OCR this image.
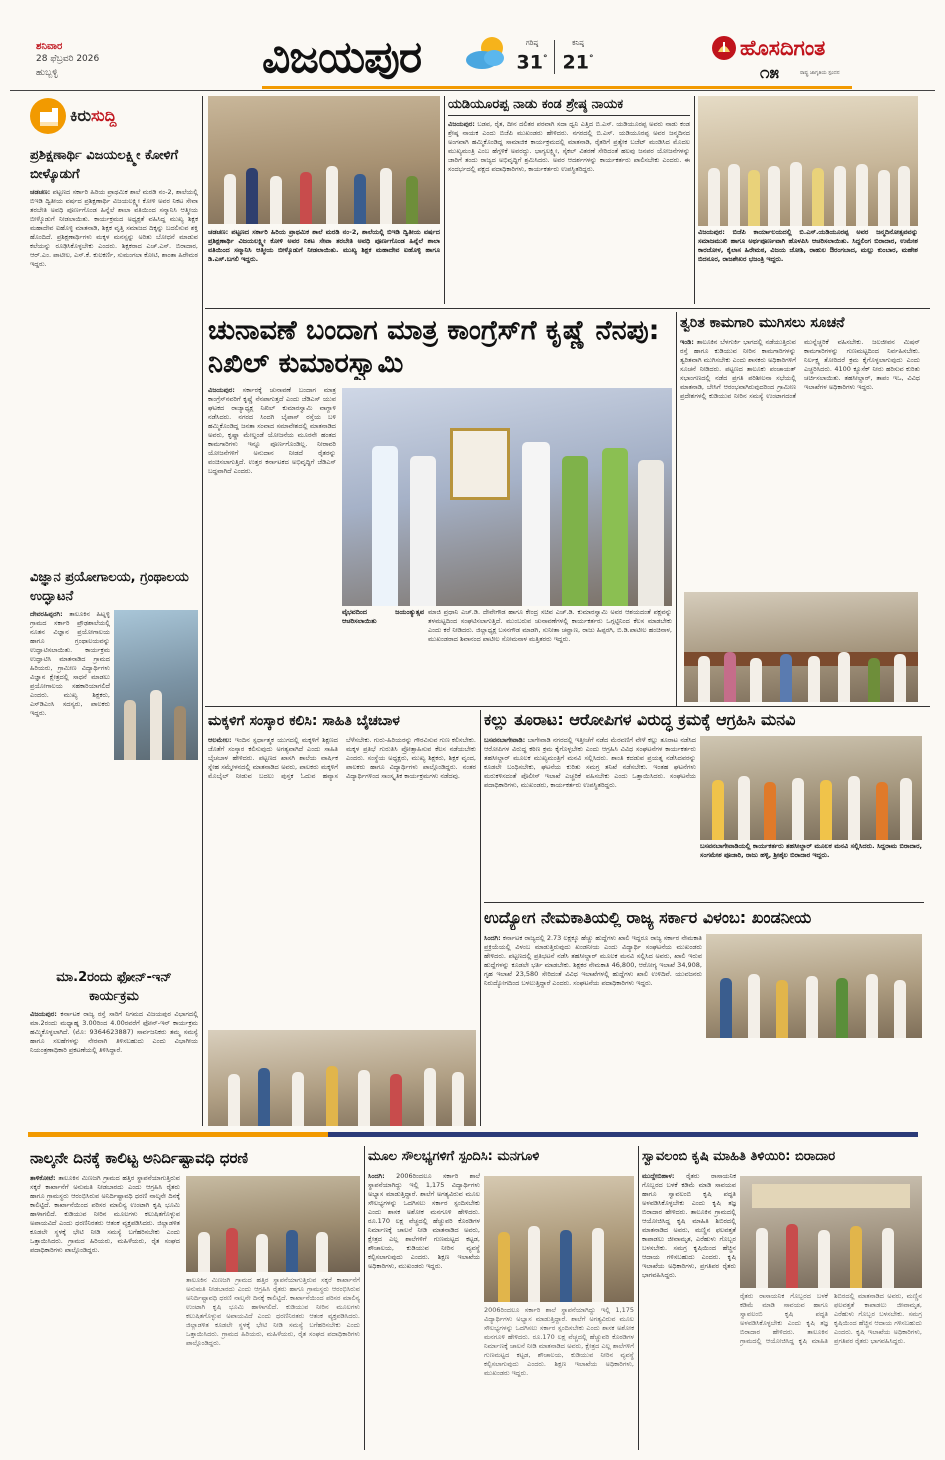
ಶನಿವಾರ
28 ಫೆಬ್ರವರಿ 2026
ಹುಬ್ಬಳ್ಳಿ	ವಿಜಯಪುರ	ಗರಿಷ್ಠ
31°
ಕನಿಷ್ಠ
21°	ಹೊಸದಿಗಂತ
೧೫	ರಾಷ್ಟ್ರ ಜಾಗೃತಿಯ ಸ್ಪಂದನ
ಕಿರುಸುದ್ದಿ
ಪ್ರಶಿಕ್ಷಣಾರ್ಥಿ ವಿಜಯಲಕ್ಷ್ಮೀ ಕೋಳಿಗೆ ಬೀಳ್ಕೊಡುಗೆ
ಚಡಚಣ: ಪಟ್ಟಣದ ಸರ್ಕಾರಿ ಹಿರಿಯ ಪ್ರಾಥಮಿಕ ಶಾಲೆ ಮರಡಿ ನಂ-2, ಶಾಲೆಯಲ್ಲಿ ಬಿಇಡಿ ದ್ವಿತೀಯ ವರ್ಷದ ಪ್ರಶಿಕ್ಷಣಾರ್ಥಿ ವಿಜಯಲಕ್ಷ್ಮೀ ಕೋಳಿ ಅವರ ನಿಕಟ ಸೇವಾ ತರಬೇತಿ ಅವಧಿ ಪೂರ್ಣಗೊಂಡ ಹಿನ್ನೆಲೆ ಶಾಲಾ ವತಿಯಿಂದ ಸನ್ಮಾನಿಸಿ ಆತ್ಮೀಯ ಬೀಳ್ಕೊಡುಗೆ ನೀಡಲಾಯಿತು. ಕಾರ್ಯಕ್ರಮದ ಅಧ್ಯಕ್ಷತೆ ವಹಿಸಿದ್ದ ಮುಖ್ಯ ಶಿಕ್ಷಕ ಮಹಾದೇವ ಐಹೊಳ್ಳಿ ಮಾತನಾಡಿ, ಶಿಕ್ಷಕ ವೃತ್ತಿ ಸಮಾಜದ ದಿಕ್ಕನ್ನು ಬದಲಿಸುವ ಶಕ್ತಿ ಹೊಂದಿದೆ. ಪ್ರಶಿಕ್ಷಣಾರ್ಥಿಗಳು ಮಕ್ಕಳ ಮನಸ್ಸನ್ನು ಅರಿತು ಬೋಧನೆ ಮಾಡುವ ಕಲೆಯನ್ನು ರೂಢಿಸಿಕೊಳ್ಳಬೇಕು ಎಂದರು. ಶಿಕ್ಷಕರಾದ ಎಚ್.ಎಸ್. ಬಿರಾದಾರ, ಆರ್.ಎಂ. ಪಾಟೀಲ, ಎಸ್.ಕೆ. ಕುಲಕರ್ಣಿ, ಸುಮಂಗಲಾ ಕೋಟಿ, ಶಾಂತಾ ಹಿರೇಮಠ ಇದ್ದರು.
ವಿಜ್ಞಾನ ಪ್ರಯೋಗಾಲಯ, ಗ್ರಂಥಾಲಯ ಉದ್ಘಾಟನೆ
ದೇವರಹಿಪ್ಪರಗಿ: ತಾಲೂಕಿನ ಹಿಟ್ನಳ್ಳಿ ಗ್ರಾಮದ ಸರ್ಕಾರಿ ಪ್ರೌಢಶಾಲೆಯಲ್ಲಿ ನೂತನ ವಿಜ್ಞಾನ ಪ್ರಯೋಗಾಲಯ ಹಾಗೂ ಗ್ರಂಥಾಲಯವನ್ನು ಉದ್ಘಾಟಿಸಲಾಯಿತು. ಕಾರ್ಯಕ್ರಮ ಉದ್ಘಾಟಿಸಿ ಮಾತನಾಡಿದ ಗ್ರಾಮದ ಹಿರಿಯರು, ಗ್ರಾಮೀಣ ವಿದ್ಯಾರ್ಥಿಗಳು ವಿಜ್ಞಾನ ಕ್ಷೇತ್ರದಲ್ಲಿ ಸಾಧನೆ ಮಾಡಲು ಪ್ರಯೋಗಾಲಯ ಸಹಕಾರಿಯಾಗಲಿದೆ ಎಂದರು. ಮುಖ್ಯ ಶಿಕ್ಷಕರು, ಎಸ್‌ಡಿಎಂಸಿ ಸದಸ್ಯರು, ಪಾಲಕರು ಇದ್ದರು.
ಮಾ.2ರಂದು ಫೋನ್-ಇನ್ ಕಾರ್ಯಕ್ರಮ
ವಿಜಯಪುರ: ಕರ್ನಾಟಕ ರಾಜ್ಯ ರಸ್ತೆ ಸಾರಿಗೆ ನಿಗಮದ ವಿಜಯಪುರ ವಿಭಾಗದಲ್ಲಿ ಮಾ.2ರಂದು ಮಧ್ಯಾಹ್ನ 3.00ರಿಂದ 4.00ರವರೆಗೆ ಫೋನ್-ಇನ್ ಕಾರ್ಯಕ್ರಮ ಹಮ್ಮಿಕೊಳ್ಳಲಾಗಿದೆ. (ಮೊ: 9364623887) ಸಾರ್ವಜನಿಕರು ತಮ್ಮ ಸಮಸ್ಯೆ ಹಾಗೂ ಸಲಹೆಗಳನ್ನು ನೇರವಾಗಿ ತಿಳಿಸಬಹುದು ಎಂದು ವಿಭಾಗೀಯ ನಿಯಂತ್ರಣಾಧಿಕಾರಿ ಪ್ರಕಟಣೆಯಲ್ಲಿ ತಿಳಿಸಿದ್ದಾರೆ.
ಚಡಚಣ: ಪಟ್ಟಣದ ಸರ್ಕಾರಿ ಹಿರಿಯ ಪ್ರಾಥಮಿಕ ಶಾಲೆ ಮರಡಿ ನಂ-2, ಶಾಲೆಯಲ್ಲಿ ಬಿಇಡಿ ದ್ವಿತೀಯ ವರ್ಷದ ಪ್ರಶಿಕ್ಷಣಾರ್ಥಿ ವಿಜಯಲಕ್ಷ್ಮೀ ಕೋಳಿ ಅವರ ನಿಕಟ ಸೇವಾ ತರಬೇತಿ ಅವಧಿ ಪೂರ್ಣಗೊಂಡ ಹಿನ್ನೆಲೆ ಶಾಲಾ ವತಿಯಿಂದ ಸನ್ಮಾನಿಸಿ ಆತ್ಮೀಯ ಬೀಳ್ಕೊಡುಗೆ ನೀಡಲಾಯಿತು. ಮುಖ್ಯ ಶಿಕ್ಷಕ ಮಹಾದೇವ ಐಹೊಳ್ಳಿ ಹಾಗೂ ಡಿ.ಎಸ್.ಬಗಲಿ ಇದ್ದರು.
ಯಡಿಯೂರಪ್ಪ ನಾಡು ಕಂಡ ಶ್ರೇಷ್ಠ ನಾಯಕ
ವಿಜಯಪುರ: ಬಡವ, ರೈತ, ದೀನ ದಲಿತರ ಪರವಾಗಿ ಸದಾ ಧ್ವನಿ ಎತ್ತಿದ ಬಿ.ಎಸ್. ಯಡಿಯೂರಪ್ಪ ಅವರು ನಾಡು ಕಂಡ ಶ್ರೇಷ್ಠ ನಾಯಕ ಎಂದು ಬಿಜೆಪಿ ಮುಖಂಡರು ಹೇಳಿದರು. ನಗರದಲ್ಲಿ ಬಿ.ಎಸ್. ಯಡಿಯೂರಪ್ಪ ಅವರ ಜನ್ಮದಿನದ ಅಂಗವಾಗಿ ಹಮ್ಮಿಕೊಂಡಿದ್ದ ಸಾಮಾಜಿಕ ಕಾರ್ಯಕ್ರಮದಲ್ಲಿ ಮಾತನಾಡಿ, ರೈತರಿಗೆ ಪ್ರತ್ಯೇಕ ಬಜೆಟ್ ಮಂಡಿಸಿದ ಮೊದಲ ಮುಖ್ಯಮಂತ್ರಿ ಎಂಬ ಹೆಗ್ಗಳಿಕೆ ಅವರದ್ದು. ಭಾಗ್ಯಲಕ್ಷ್ಮೀ, ಸೈಕಲ್ ವಿತರಣೆ ಸೇರಿದಂತೆ ಹಲವು ಜನಪರ ಯೋಜನೆಗಳನ್ನು ಜಾರಿಗೆ ತಂದು ರಾಜ್ಯದ ಅಭಿವೃದ್ಧಿಗೆ ಶ್ರಮಿಸಿದರು. ಅವರ ಆದರ್ಶಗಳನ್ನು ಕಾರ್ಯಕರ್ತರು ಪಾಲಿಸಬೇಕು ಎಂದರು. ಈ ಸಂದರ್ಭದಲ್ಲಿ ಪಕ್ಷದ ಪದಾಧಿಕಾರಿಗಳು, ಕಾರ್ಯಕರ್ತರು ಉಪಸ್ಥಿತರಿದ್ದರು.
ವಿಜಯಪುರ: ಬಿಜೆಪಿ ಕಾರ್ಯಾಲಯದಲ್ಲಿ ಬಿ.ಎಸ್.ಯಡಿಯೂರಪ್ಪ ಅವರ ಜನ್ಮದಿನೋತ್ಸವವನ್ನು ಸಮಾಜಮುಖಿ ಹಾಗೂ ಅರ್ಥಪೂರ್ಣವಾಗಿ ಹೊಳಪಿಸಿ ಆಚರಿಸಲಾಯಿತು. ಸಿದ್ದಲಿಂಗ ಬಿರಾದಾರ, ಉಮೇಶ ಕಾರಜೋಳ, ಕೈಲಾಸ ಹಿರೇಮಠ, ವಿಜಯ ಜೋಶಿ, ರಾಹುಲ ಔರಂಗಬಾದ, ಮಲ್ಲು ಕುಂಬಾರ, ಮಹೇಶ ಬಿದನೂರ, ರಾಜಶೇಖರ ಭಜಂತ್ರಿ ಇದ್ದರು.
ಚುನಾವಣೆ ಬಂದಾಗ ಮಾತ್ರ ಕಾಂಗ್ರೆಸ್‌ಗೆ ಕೃಷ್ಣೆ ನೆನಪು: ನಿಖಿಲ್ ಕುಮಾರಸ್ವಾಮಿ
ವಿಜಯಪುರ: ಸರ್ಕಾರಕ್ಕೆ ಚುನಾವಣೆ ಬಂದಾಗ ಮಾತ್ರ ಕಾಂಗ್ರೆಸ್‌ನವರಿಗೆ ಕೃಷ್ಣೆ ನೆನಪಾಗುತ್ತದೆ ಎಂದು ಜೆಡಿಎಸ್ ಯುವ ಘಟಕದ ರಾಜ್ಯಾಧ್ಯಕ್ಷ ನಿಖಿಲ್ ಕುಮಾರಸ್ವಾಮಿ ವಾಗ್ದಾಳಿ ನಡೆಸಿದರು. ನಗರದ ಸಿಂದಗಿ ಬೈಪಾಸ್ ರಸ್ತೆಯ ಬಳಿ ಹಮ್ಮಿಕೊಂಡಿದ್ದ ಜನತಾ ಸಂವಾದ ಸಮಾವೇಶದಲ್ಲಿ ಮಾತನಾಡಿದ ಅವರು, ಕೃಷ್ಣಾ ಮೇಲ್ದಂಡೆ ಯೋಜನೆಯ ಮೂರನೇ ಹಂತದ ಕಾಮಗಾರಿಗಳು ಇನ್ನೂ ಪೂರ್ಣಗೊಂಡಿಲ್ಲ. ನೀರಾವರಿ ಯೋಜನೆಗಳಿಗೆ ಅನುದಾನ ನೀಡದೆ ರೈತರನ್ನು ವಂಚಿಸಲಾಗುತ್ತಿದೆ. ಉತ್ತರ ಕರ್ನಾಟಕದ ಅಭಿವೃದ್ಧಿಗೆ ಜೆಡಿಎಸ್ ಬದ್ಧವಾಗಿದೆ ಎಂದರು.
ವೈಭವದಿಂದ ಜಯಂತ್ಯುತ್ಸವ ಆಚರಿಸಲಾಯಿತು
ಮಾಜಿ ಪ್ರಧಾನಿ ಎಚ್.ಡಿ. ದೇವೇಗೌಡ ಹಾಗೂ ಕೇಂದ್ರ ಸಚಿವ ಎಚ್.ಡಿ. ಕುಮಾರಸ್ವಾಮಿ ಅವರ ಆಶಯದಂತೆ ಪಕ್ಷವನ್ನು ತಳಮಟ್ಟದಿಂದ ಸಂಘಟಿಸಲಾಗುತ್ತಿದೆ. ಮುಂಬರುವ ಚುನಾವಣೆಗಳಲ್ಲಿ ಕಾರ್ಯಕರ್ತರು ಒಗ್ಗಟ್ಟಿನಿಂದ ಕೆಲಸ ಮಾಡಬೇಕು ಎಂದು ಕರೆ ನೀಡಿದರು. ಜಿಲ್ಲಾಧ್ಯಕ್ಷ ಬಸನಗೌಡ ಮಾಡಗಿ, ಸುನೀತಾ ಚವ್ಹಾಣ, ರಾಜು ಹಿಪ್ಪರಗಿ, ಬಿ.ಡಿ.ಪಾಟೀಲ ಹಂಚಿನಾಳ, ಮುಖಂಡರಾದ ಶಿವಾನಂದ ಪಾಟೀಲ ಸೋಮನಾಳ ಮತ್ತಿತರರು ಇದ್ದರು.
ತ್ವರಿತ ಕಾಮಗಾರಿ ಮುಗಿಸಲು ಸೂಚನೆ
ಇಂಡಿ: ತಾಲೂಕಿನ ಬೆಳಗುರ್ಕಿ ಭಾಗದಲ್ಲಿ ನಡೆಯುತ್ತಿರುವ ರಸ್ತೆ ಹಾಗೂ ಕುಡಿಯುವ ನೀರಿನ ಕಾಮಗಾರಿಗಳನ್ನು ತ್ವರಿತವಾಗಿ ಮುಗಿಸಬೇಕು ಎಂದು ಶಾಸಕರು ಅಧಿಕಾರಿಗಳಿಗೆ ಸೂಚನೆ ನೀಡಿದರು. ಪಟ್ಟಣದ ತಾಲೂಕು ಪಂಚಾಯತ್ ಸಭಾಂಗಣದಲ್ಲಿ ನಡೆದ ಪ್ರಗತಿ ಪರಿಶೀಲನಾ ಸಭೆಯಲ್ಲಿ ಮಾತನಾಡಿ, ಬೇಸಿಗೆ ಆರಂಭವಾಗಿರುವುದರಿಂದ ಗ್ರಾಮೀಣ ಪ್ರದೇಶಗಳಲ್ಲಿ ಕುಡಿಯುವ ನೀರಿನ ಸಮಸ್ಯೆ ಉಂಟಾಗದಂತೆ ಮುನ್ನೆಚ್ಚರಿಕೆ ವಹಿಸಬೇಕು. ಜಲಜೀವನ ಮಿಷನ್ ಕಾಮಗಾರಿಗಳನ್ನು ಗುಣಮಟ್ಟದಿಂದ ನಿರ್ವಹಿಸಬೇಕು. ನಿರ್ಲಕ್ಷ್ಯ ತೋರಿದರೆ ಕ್ರಮ ಕೈಗೊಳ್ಳಲಾಗುವುದು ಎಂದು ಎಚ್ಚರಿಸಿದರು. 4100 ಕ್ಯೂಸೆಕ್ ನೀರು ಹರಿಸುವ ಕುರಿತು ಚರ್ಚಿಸಲಾಯಿತು. ತಹಸೀಲ್ದಾರ್, ತಾಪಂ ಇಒ, ವಿವಿಧ ಇಲಾಖೆಗಳ ಅಧಿಕಾರಿಗಳು ಇದ್ದರು.
ಮಕ್ಕಳಿಗೆ ಸಂಸ್ಕಾರ ಕಲಿಸಿ: ಸಾಹಿತಿ ಬೈಚಬಾಳ
ಆಲಮೇಲ: ಇಂದಿನ ಸ್ಪರ್ಧಾತ್ಮಕ ಯುಗದಲ್ಲಿ ಮಕ್ಕಳಿಗೆ ಶಿಕ್ಷಣದ ಜೊತೆಗೆ ಸಂಸ್ಕಾರ ಕಲಿಸುವುದು ಅಗತ್ಯವಾಗಿದೆ ಎಂದು ಸಾಹಿತಿ ಬೈಚಬಾಳ ಹೇಳಿದರು. ಪಟ್ಟಣದ ಖಾಸಗಿ ಶಾಲೆಯ ವಾರ್ಷಿಕ ಸ್ನೇಹ ಸಮ್ಮೇಳನದಲ್ಲಿ ಮಾತನಾಡಿದ ಅವರು, ಪಾಲಕರು ಮಕ್ಕಳಿಗೆ ಮೊಬೈಲ್ ನೀಡುವ ಬದಲು ಪುಸ್ತಕ ಓದುವ ಹವ್ಯಾಸ ಬೆಳೆಸಬೇಕು. ಗುರು-ಹಿರಿಯರನ್ನು ಗೌರವಿಸುವ ಗುಣ ಕಲಿಸಬೇಕು. ಮಕ್ಕಳ ಪ್ರತಿಭೆ ಗುರುತಿಸಿ ಪ್ರೋತ್ಸಾಹಿಸುವ ಕೆಲಸ ನಡೆಯಬೇಕು ಎಂದರು. ಸಂಸ್ಥೆಯ ಅಧ್ಯಕ್ಷರು, ಮುಖ್ಯ ಶಿಕ್ಷಕರು, ಶಿಕ್ಷಕ ವೃಂದ, ಪಾಲಕರು ಹಾಗೂ ವಿದ್ಯಾರ್ಥಿಗಳು ಪಾಲ್ಗೊಂಡಿದ್ದರು. ನಂತರ ವಿದ್ಯಾರ್ಥಿಗಳಿಂದ ಸಾಂಸ್ಕೃತಿಕ ಕಾರ್ಯಕ್ರಮಗಳು ನಡೆದವು.
ಕಲ್ಲು ತೂರಾಟ: ಆರೋಪಿಗಳ ವಿರುದ್ಧ ಕ್ರಮಕ್ಕೆ ಆಗ್ರಹಿಸಿ ಮನವಿ
ಬಸವನಬಾಗೇವಾಡಿ: ಬಾಗೇವಾಡಿ ನಗರದಲ್ಲಿ ಇತ್ತೀಚೆಗೆ ನಡೆದ ಮೆರವಣಿಗೆ ವೇಳೆ ಕಲ್ಲು ತೂರಾಟ ನಡೆಸಿದ ಆರೋಪಿಗಳ ವಿರುದ್ಧ ಕಠಿಣ ಕ್ರಮ ಕೈಗೊಳ್ಳಬೇಕು ಎಂದು ಆಗ್ರಹಿಸಿ ವಿವಿಧ ಸಂಘಟನೆಗಳ ಕಾರ್ಯಕರ್ತರು ತಹಸೀಲ್ದಾರ್ ಮೂಲಕ ಮುಖ್ಯಮಂತ್ರಿಗೆ ಮನವಿ ಸಲ್ಲಿಸಿದರು. ಶಾಂತಿ ಕದಡುವ ಪ್ರಯತ್ನ ನಡೆಸಿದವರನ್ನು ಕೂಡಲೇ ಬಂಧಿಸಬೇಕು, ಘಟನೆಯ ಕುರಿತು ಸಮಗ್ರ ತನಿಖೆ ನಡೆಸಬೇಕು. ಇಂತಹ ಘಟನೆಗಳು ಮರುಕಳಿಸದಂತೆ ಪೊಲೀಸ್ ಇಲಾಖೆ ಎಚ್ಚರಿಕೆ ವಹಿಸಬೇಕು ಎಂದು ಒತ್ತಾಯಿಸಿದರು. ಸಂಘಟನೆಯ ಪದಾಧಿಕಾರಿಗಳು, ಮುಖಂಡರು, ಕಾರ್ಯಕರ್ತರು ಉಪಸ್ಥಿತರಿದ್ದರು.
ಬಸವನಬಾಗೇವಾಡಿಯಲ್ಲಿ ಕಾರ್ಯಕರ್ತರು ತಹಸೀಲ್ದಾರ್ ಮೂಲಕ ಮನವಿ ಸಲ್ಲಿಸಿದರು. ಸಿದ್ದರಾಮ ಬಿರಾದಾರ, ಸಂಗಮೇಶ ಪೂಜಾರಿ, ರಾಜು ಹಳ್ಳಿ, ಶ್ರೀಶೈಲ ಬಿರಾದಾರ ಇದ್ದರು.
ಉದ್ಯೋಗ ನೇಮಕಾತಿಯಲ್ಲಿ ರಾಜ್ಯ ಸರ್ಕಾರ ವಿಳಂಬ: ಖಂಡನೀಯ
ಸಿಂದಗಿ: ಕರ್ನಾಟಕ ರಾಜ್ಯದಲ್ಲಿ 2.73 ಲಕ್ಷಕ್ಕೂ ಹೆಚ್ಚು ಹುದ್ದೆಗಳು ಖಾಲಿ ಇದ್ದರೂ ರಾಜ್ಯ ಸರ್ಕಾರ ನೇಮಕಾತಿ ಪ್ರಕ್ರಿಯೆಯಲ್ಲಿ ವಿಳಂಬ ಮಾಡುತ್ತಿರುವುದು ಖಂಡನೀಯ ಎಂದು ವಿದ್ಯಾರ್ಥಿ ಸಂಘಟನೆಯ ಮುಖಂಡರು ಹೇಳಿದರು. ಪಟ್ಟಣದಲ್ಲಿ ಪ್ರತಿಭಟನೆ ನಡೆಸಿ ತಹಸೀಲ್ದಾರ್ ಮೂಲಕ ಮನವಿ ಸಲ್ಲಿಸಿದ ಅವರು, ಖಾಲಿ ಇರುವ ಹುದ್ದೆಗಳನ್ನು ಕೂಡಲೇ ಭರ್ತಿ ಮಾಡಬೇಕು. ಶಿಕ್ಷಕರ ನೇಮಕಾತಿ 46,800, ಆರೋಗ್ಯ ಇಲಾಖೆ 34,908, ಗೃಹ ಇಲಾಖೆ 23,580 ಸೇರಿದಂತೆ ವಿವಿಧ ಇಲಾಖೆಗಳಲ್ಲಿ ಹುದ್ದೆಗಳು ಖಾಲಿ ಉಳಿದಿವೆ. ಯುವಜನರು ನಿರುದ್ಯೋಗದಿಂದ ಬಳಲುತ್ತಿದ್ದಾರೆ ಎಂದರು. ಸಂಘಟನೆಯ ಪದಾಧಿಕಾರಿಗಳು ಇದ್ದರು.
ನಾಲ್ಕನೇ ದಿನಕ್ಕೆ ಕಾಲಿಟ್ಟ ಅನಿರ್ದಿಷ್ಟಾವಧಿ ಧರಣಿ
ತಾಳಿಕೋಟೆ: ತಾಲೂಕಿನ ಮಿಣಜಗಿ ಗ್ರಾಮದ ಹತ್ತಿರ ಸ್ಥಾಪನೆಯಾಗುತ್ತಿರುವ ಸಕ್ಕರೆ ಕಾರ್ಖಾನೆಗೆ ಅನುಮತಿ ನೀಡಬಾರದು ಎಂದು ಆಗ್ರಹಿಸಿ ರೈತರು ಹಾಗೂ ಗ್ರಾಮಸ್ಥರು ಆರಂಭಿಸಿರುವ ಅನಿರ್ದಿಷ್ಟಾವಧಿ ಧರಣಿ ನಾಲ್ಕನೇ ದಿನಕ್ಕೆ ಕಾಲಿಟ್ಟಿದೆ. ಕಾರ್ಖಾನೆಯಿಂದ ಪರಿಸರ ಮಾಲಿನ್ಯ ಉಂಟಾಗಿ ಕೃಷಿ ಭೂಮಿ ಹಾಳಾಗಲಿದೆ. ಕುಡಿಯುವ ನೀರಿನ ಮೂಲಗಳು ಕಲುಷಿತಗೊಳ್ಳುವ ಅಪಾಯವಿದೆ ಎಂದು ಧರಣಿನಿರತರು ಆತಂಕ ವ್ಯಕ್ತಪಡಿಸಿದರು. ಜಿಲ್ಲಾಡಳಿತ ಕೂಡಲೇ ಸ್ಥಳಕ್ಕೆ ಭೇಟಿ ನೀಡಿ ಸಮಸ್ಯೆ ಬಗೆಹರಿಸಬೇಕು ಎಂದು ಒತ್ತಾಯಿಸಿದರು. ಗ್ರಾಮದ ಹಿರಿಯರು, ಮಹಿಳೆಯರು, ರೈತ ಸಂಘದ ಪದಾಧಿಕಾರಿಗಳು ಪಾಲ್ಗೊಂಡಿದ್ದರು.
ತಾಲೂಕಿನ ಮಿಣಜಗಿ ಗ್ರಾಮದ ಹತ್ತಿರ ಸ್ಥಾಪನೆಯಾಗುತ್ತಿರುವ ಸಕ್ಕರೆ ಕಾರ್ಖಾನೆಗೆ ಅನುಮತಿ ನೀಡಬಾರದು ಎಂದು ಆಗ್ರಹಿಸಿ ರೈತರು ಹಾಗೂ ಗ್ರಾಮಸ್ಥರು ಆರಂಭಿಸಿರುವ ಅನಿರ್ದಿಷ್ಟಾವಧಿ ಧರಣಿ ನಾಲ್ಕನೇ ದಿನಕ್ಕೆ ಕಾಲಿಟ್ಟಿದೆ. ಕಾರ್ಖಾನೆಯಿಂದ ಪರಿಸರ ಮಾಲಿನ್ಯ ಉಂಟಾಗಿ ಕೃಷಿ ಭೂಮಿ ಹಾಳಾಗಲಿದೆ. ಕುಡಿಯುವ ನೀರಿನ ಮೂಲಗಳು ಕಲುಷಿತಗೊಳ್ಳುವ ಅಪಾಯವಿದೆ ಎಂದು ಧರಣಿನಿರತರು ಆತಂಕ ವ್ಯಕ್ತಪಡಿಸಿದರು. ಜಿಲ್ಲಾಡಳಿತ ಕೂಡಲೇ ಸ್ಥಳಕ್ಕೆ ಭೇಟಿ ನೀಡಿ ಸಮಸ್ಯೆ ಬಗೆಹರಿಸಬೇಕು ಎಂದು ಒತ್ತಾಯಿಸಿದರು. ಗ್ರಾಮದ ಹಿರಿಯರು, ಮಹಿಳೆಯರು, ರೈತ ಸಂಘದ ಪದಾಧಿಕಾರಿಗಳು ಪಾಲ್ಗೊಂಡಿದ್ದರು.
ಮೂಲ ಸೌಲಭ್ಯಗಳಿಗೆ ಸ್ಪಂದಿಸಿ: ಮನಗೂಳಿ
ಸಿಂದಗಿ: 2006ರಿಂದಲೂ ಸರ್ಕಾರಿ ಶಾಲೆ ಸ್ಥಾಪನೆಯಾಗಿದ್ದು ಇಲ್ಲಿ 1,175 ವಿದ್ಯಾರ್ಥಿಗಳು ಅಭ್ಯಾಸ ಮಾಡುತ್ತಿದ್ದಾರೆ. ಶಾಲೆಗೆ ಅಗತ್ಯವಿರುವ ಮೂಲ ಸೌಲಭ್ಯಗಳನ್ನು ಒದಗಿಸಲು ಸರ್ಕಾರ ಸ್ಪಂದಿಸಬೇಕು ಎಂದು ಶಾಸಕ ಅಶೋಕ ಮನಗೂಳಿ ಹೇಳಿದರು. ರೂ.170 ಲಕ್ಷ ವೆಚ್ಚದಲ್ಲಿ ಹೆಚ್ಚುವರಿ ಕೊಠಡಿಗಳ ನಿರ್ಮಾಣಕ್ಕೆ ಚಾಲನೆ ನೀಡಿ ಮಾತನಾಡಿದ ಅವರು, ಕ್ಷೇತ್ರದ ಎಲ್ಲ ಶಾಲೆಗಳಿಗೆ ಗುಣಮಟ್ಟದ ಕಟ್ಟಡ, ಶೌಚಾಲಯ, ಕುಡಿಯುವ ನೀರಿನ ವ್ಯವಸ್ಥೆ ಕಲ್ಪಿಸಲಾಗುವುದು ಎಂದರು. ಶಿಕ್ಷಣ ಇಲಾಖೆಯ ಅಧಿಕಾರಿಗಳು, ಮುಖಂಡರು ಇದ್ದರು.
2006ರಿಂದಲೂ ಸರ್ಕಾರಿ ಶಾಲೆ ಸ್ಥಾಪನೆಯಾಗಿದ್ದು ಇಲ್ಲಿ 1,175 ವಿದ್ಯಾರ್ಥಿಗಳು ಅಭ್ಯಾಸ ಮಾಡುತ್ತಿದ್ದಾರೆ. ಶಾಲೆಗೆ ಅಗತ್ಯವಿರುವ ಮೂಲ ಸೌಲಭ್ಯಗಳನ್ನು ಒದಗಿಸಲು ಸರ್ಕಾರ ಸ್ಪಂದಿಸಬೇಕು ಎಂದು ಶಾಸಕ ಅಶೋಕ ಮನಗೂಳಿ ಹೇಳಿದರು. ರೂ.170 ಲಕ್ಷ ವೆಚ್ಚದಲ್ಲಿ ಹೆಚ್ಚುವರಿ ಕೊಠಡಿಗಳ ನಿರ್ಮಾಣಕ್ಕೆ ಚಾಲನೆ ನೀಡಿ ಮಾತನಾಡಿದ ಅವರು, ಕ್ಷೇತ್ರದ ಎಲ್ಲ ಶಾಲೆಗಳಿಗೆ ಗುಣಮಟ್ಟದ ಕಟ್ಟಡ, ಶೌಚಾಲಯ, ಕುಡಿಯುವ ನೀರಿನ ವ್ಯವಸ್ಥೆ ಕಲ್ಪಿಸಲಾಗುವುದು ಎಂದರು. ಶಿಕ್ಷಣ ಇಲಾಖೆಯ ಅಧಿಕಾರಿಗಳು, ಮುಖಂಡರು ಇದ್ದರು.
ಸ್ವಾವಲಂಬಿ ಕೃಷಿ ಮಾಹಿತಿ ತಿಳಿಯಿರಿ: ಬಿರಾದಾರ
ಮುದ್ದೇಬಿಹಾಳ: ರೈತರು ರಾಸಾಯನಿಕ ಗೊಬ್ಬರದ ಬಳಕೆ ಕಡಿಮೆ ಮಾಡಿ ಸಾವಯವ ಹಾಗೂ ಸ್ವಾವಲಂಬಿ ಕೃಷಿ ಪದ್ಧತಿ ಅಳವಡಿಸಿಕೊಳ್ಳಬೇಕು ಎಂದು ಕೃಷಿ ತಜ್ಞ ಬಿರಾದಾರ ಹೇಳಿದರು. ತಾಲೂಕಿನ ಗ್ರಾಮದಲ್ಲಿ ಆಯೋಜಿಸಿದ್ದ ಕೃಷಿ ಮಾಹಿತಿ ಶಿಬಿರದಲ್ಲಿ ಮಾತನಾಡಿದ ಅವರು, ಮಣ್ಣಿನ ಫಲವತ್ತತೆ ಕಾಪಾಡಲು ಜೀವಾಮೃತ, ಎರೆಹುಳು ಗೊಬ್ಬರ ಬಳಸಬೇಕು. ಸಮಗ್ರ ಕೃಷಿಯಿಂದ ಹೆಚ್ಚಿನ ಆದಾಯ ಗಳಿಸಬಹುದು ಎಂದರು. ಕೃಷಿ ಇಲಾಖೆಯ ಅಧಿಕಾರಿಗಳು, ಪ್ರಗತಿಪರ ರೈತರು ಭಾಗವಹಿಸಿದ್ದರು.
ರೈತರು ರಾಸಾಯನಿಕ ಗೊಬ್ಬರದ ಬಳಕೆ ಕಡಿಮೆ ಮಾಡಿ ಸಾವಯವ ಹಾಗೂ ಸ್ವಾವಲಂಬಿ ಕೃಷಿ ಪದ್ಧತಿ ಅಳವಡಿಸಿಕೊಳ್ಳಬೇಕು ಎಂದು ಕೃಷಿ ತಜ್ಞ ಬಿರಾದಾರ ಹೇಳಿದರು. ತಾಲೂಕಿನ ಗ್ರಾಮದಲ್ಲಿ ಆಯೋಜಿಸಿದ್ದ ಕೃಷಿ ಮಾಹಿತಿ ಶಿಬಿರದಲ್ಲಿ ಮಾತನಾಡಿದ ಅವರು, ಮಣ್ಣಿನ ಫಲವತ್ತತೆ ಕಾಪಾಡಲು ಜೀವಾಮೃತ, ಎರೆಹುಳು ಗೊಬ್ಬರ ಬಳಸಬೇಕು. ಸಮಗ್ರ ಕೃಷಿಯಿಂದ ಹೆಚ್ಚಿನ ಆದಾಯ ಗಳಿಸಬಹುದು ಎಂದರು. ಕೃಷಿ ಇಲಾಖೆಯ ಅಧಿಕಾರಿಗಳು, ಪ್ರಗತಿಪರ ರೈತರು ಭಾಗವಹಿಸಿದ್ದರು.
